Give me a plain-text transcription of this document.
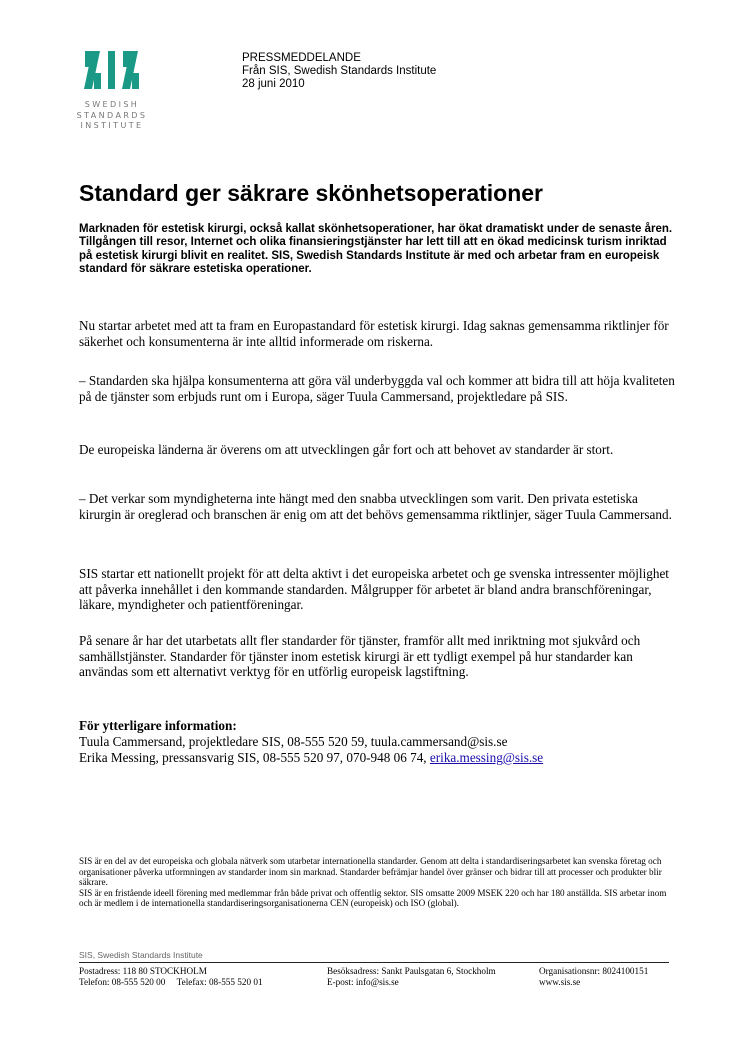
SWEDISH
STANDARDS
INSTITUTE
PRESSMEDDELANDE
Från SIS, Swedish Standards Institute
28 juni 2010
Standard ger säkrare skönhetsoperationer

Marknaden för estetisk kirurgi, också kallat skönhetsoperationer, har ökat dramatiskt under de senaste åren. Tillgången till resor, Internet och olika finansieringstjänster har lett till att en ökad medicinsk turism inriktad på estetisk kirurgi blivit en realitet. SIS, Swedish Standards Institute är med och arbetar fram en europeisk standard för säkrare estetiska operationer.

Nu startar arbetet med att ta fram en Europastandard för estetisk kirurgi. Idag saknas gemensamma riktlinjer för säkerhet och konsumenterna är inte alltid informerade om riskerna.

– Standarden ska hjälpa konsumenterna att göra väl underbyggda val och kommer att bidra till att höja kvaliteten på de tjänster som erbjuds runt om i Europa, säger Tuula Cammersand, projektledare på SIS.

De europeiska länderna är överens om att utvecklingen går fort och att behovet av standarder är stort.

– Det verkar som myndigheterna inte hängt med den snabba utvecklingen som varit. Den privata estetiska kirurgin är oreglerad och branschen är enig om att det behövs gemensamma riktlinjer, säger Tuula Cammersand.

SIS startar ett nationellt projekt för att delta aktivt i det europeiska arbetet och ge svenska intressenter möjlighet att påverka innehållet i den kommande standarden. Målgrupper för arbetet är bland andra branschföreningar, läkare, myndigheter och patientföreningar.

På senare år har det utarbetats allt fler standarder för tjänster, framför allt med inriktning mot sjukvård och samhällstjänster. Standarder för tjänster inom estetisk kirurgi är ett tydligt exempel på hur standarder kan användas som ett alternativt verktyg för en utförlig europeisk lagstiftning.

För ytterligare information:
Tuula Cammersand, projektledare SIS, 08-555 520 59, tuula.cammersand@sis.se
Erika Messing, pressansvarig SIS, 08-555 520 97, 070-948 06 74, erika.messing@sis.se
SIS är en del av det europeiska och globala nätverk som utarbetar internationella standarder. Genom att delta i standardiseringsarbetet kan svenska företag och organisationer påverka utformningen av standarder inom sin marknad. Standarder befrämjar handel över gränser och bidrar till att processer och produkter blir säkrare.
SIS är en fristående ideell förening med medlemmar från både privat och offentlig sektor. SIS omsatte 2009 MSEK 220 och har 180 anställda. SIS arbetar inom och är medlem i de internationella standardiseringsorganisationerna CEN (europeisk) och ISO (global).
SIS, Swedish Standards Institute
Postadress: 118 80 STOCKHOLM
Telefon: 08-555 520 00     Telefax: 08-555 520 01
Besöksadress: Sankt Paulsgatan 6, Stockholm
E-post: info@sis.se
Organisationsnr: 8024100151
www.sis.se
